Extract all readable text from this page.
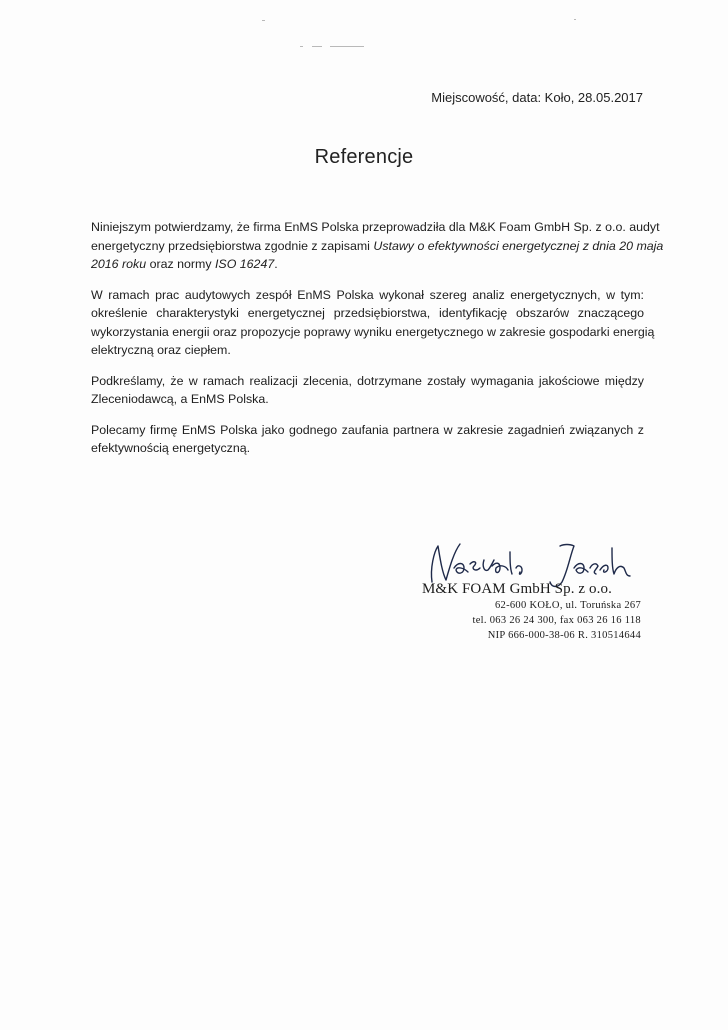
Miejscowość, data: Koło, 28.05.2017
Referencje
Niniejszym potwierdzamy, że firma EnMS Polska przeprowadziła dla M&K Foam GmbH Sp. z o.o. audyt
energetyczny przedsiębiorstwa zgodnie z zapisami Ustawy o efektywności energetycznej z dnia 20 maja
2016 roku oraz normy ISO 16247.
W ramach prac audytowych zespół EnMS Polska wykonał szereg analiz energetycznych, w tym:
określenie charakterystyki energetycznej przedsiębiorstwa, identyfikację obszarów znaczącego
wykorzystania energii oraz propozycje poprawy wyniku energetycznego w zakresie gospodarki energią
elektryczną oraz ciepłem.
Podkreślamy, że w ramach realizacji zlecenia, dotrzymane zostały wymagania jakościowe między
Zleceniodawcą, a EnMS Polska.
Polecamy firmę EnMS Polska jako godnego zaufania partnera w zakresie zagadnień związanych z
efektywnością energetyczną.
M&K FOAM GmbH Sp. z o.o.
62-600 KOŁO, ul. Toruńska 267
tel. 063 26 24 300, fax 063 26 16 118
NIP 666-000-38-06 R. 310514644
